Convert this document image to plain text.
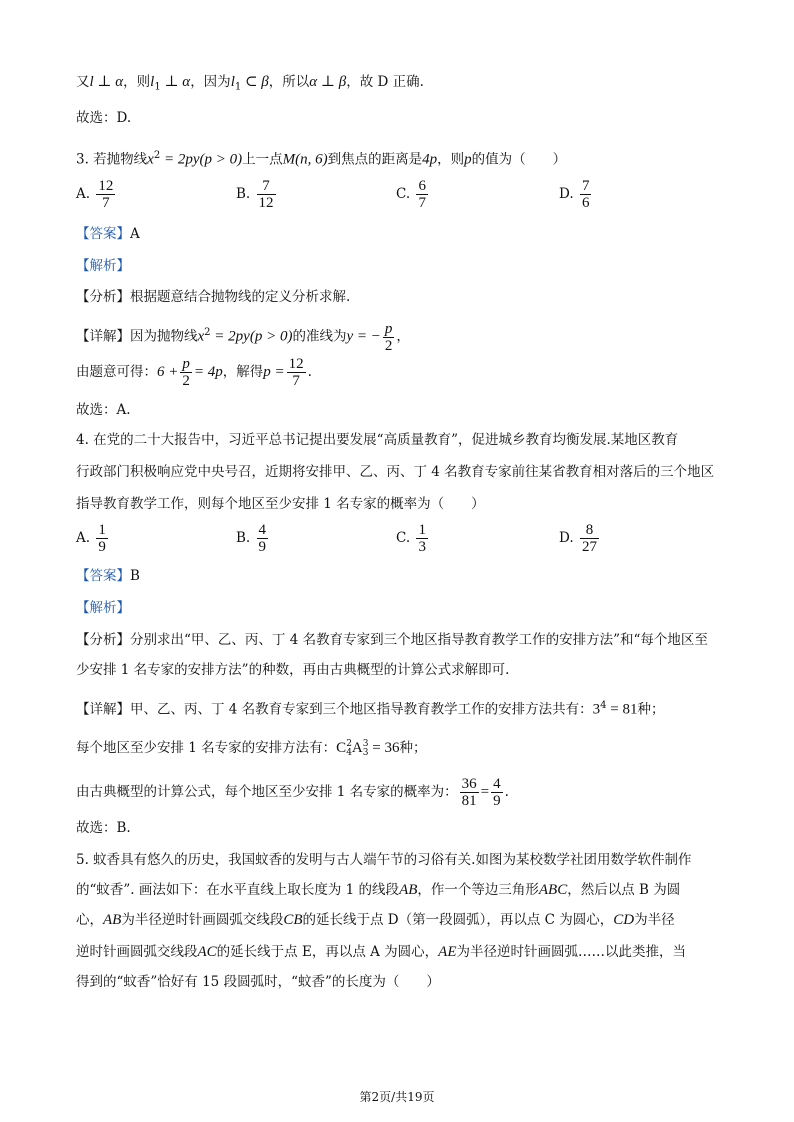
又l ⊥ α，则$l_1$ ⊥ α，因为$l_1$ ⊂ β，所以α ⊥ β，故 D 正确.
故选：D.
3. 若抛物线$x^2 = 2py(p > 0)$上一点M(n, 6)到焦点的距离是4p，则p的值为（　　）
A. $\frac{12}{7}$	B. $\frac{7}{12}$	C. $\frac{6}{7}$	D. $\frac{7}{6}$
【答案】A
【解析】
【分析】根据题意结合抛物线的定义分析求解.
【详解】因为抛物线$x^2 = 2py(p > 0)$的准线为y = − $\frac{p}{2}$ ，
由题意可得：$6 + \frac{p}{2} = 4p$，解得$p = \frac{12}{7}$ .
故选：A.
4. 在党的二十大报告中，习近平总书记提出要发展“高质量教育”，促进城乡教育均衡发展.某地区教育
行政部门积极响应党中央号召，近期将安排甲、乙、丙、丁 4 名教育专家前往某省教育相对落后的三个地区
指导教育教学工作，则每个地区至少安排 1 名专家的概率为（　　）
A. $\frac{1}{9}$	B. $\frac{4}{9}$	C. $\frac{1}{3}$	D. $\frac{8}{27}$
【答案】B
【解析】
【分析】分别求出“甲、乙、丙、丁 4 名教育专家到三个地区指导教育教学工作的安排方法”和“每个地区至
少安排 1 名专家的安排方法”的种数，再由古典概型的计算公式求解即可.
【详解】甲、乙、丙、丁 4 名教育专家到三个地区指导教育教学工作的安排方法共有：$3^4 = 81$种；
每个地区至少安排 1 名专家的安排方法有：C 2
4 A 3
3 = 36种；
由古典概型的计算公式，每个地区至少安排 1 名专家的概率为： $\frac{36}{81} = \frac{4}{9}$ .
故选：B.
5. 蚊香具有悠久的历史，我国蚊香的发明与古人端午节的习俗有关.如图为某校数学社团用数学软件制作
的“蚊香”. 画法如下：在水平直线上取长度为 1 的线段AB，作一个等边三角形ABC，然后以点 B 为圆
心，AB为半径逆时针画圆弧交线段CB的延长线于点 D（第一段圆弧），再以点 C 为圆心，CD为半径
逆时针画圆弧交线段AC的延长线于点 E，再以点 A 为圆心，AE为半径逆时针画圆弧……以此类推，当
得到的“蚊香”恰好有 15 段圆弧时，“蚊香”的长度为（　　）
第2页/共19页
